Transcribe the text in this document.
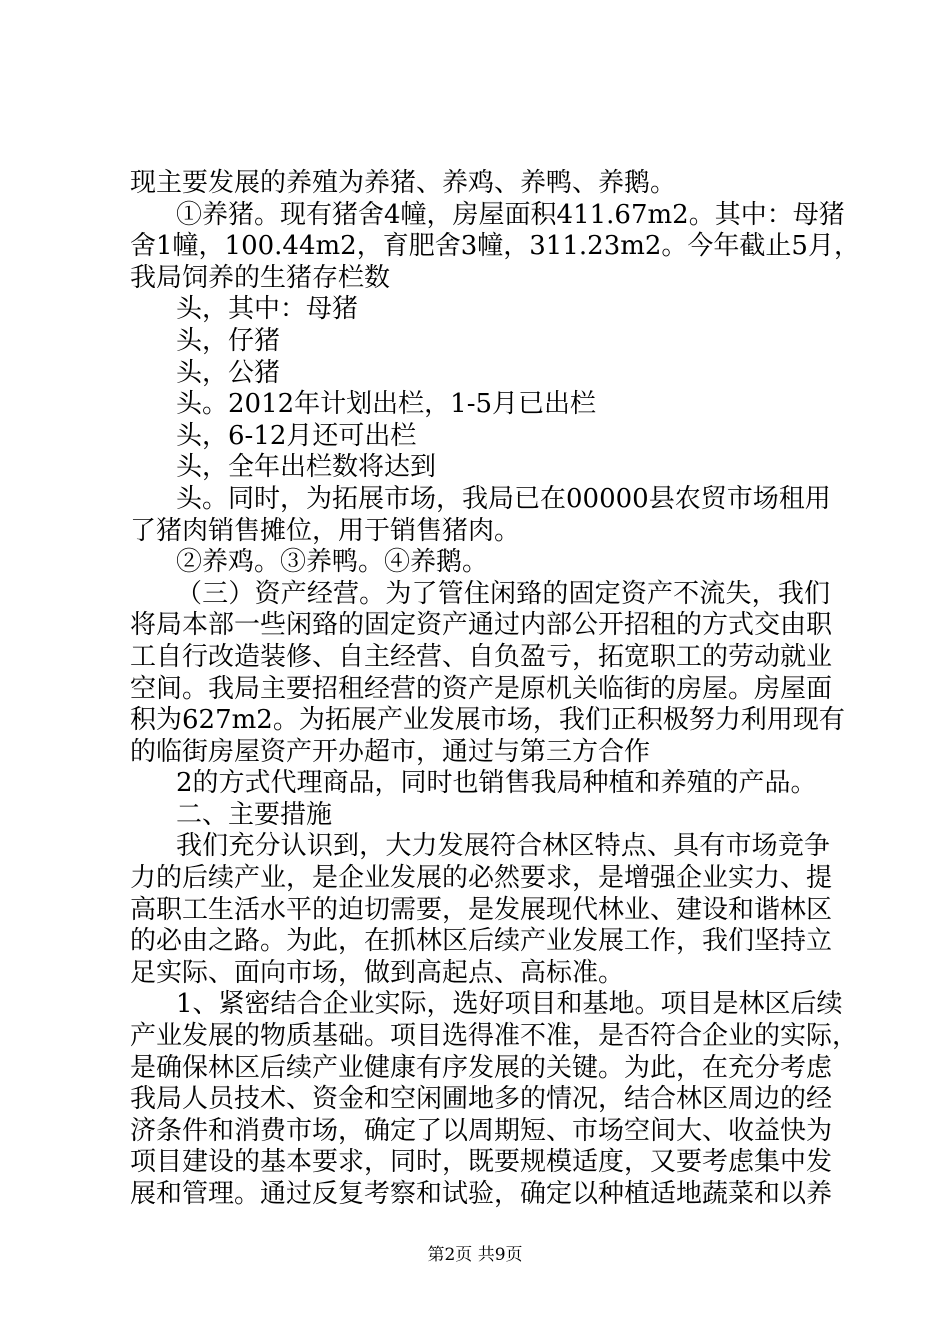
现主要发展的养殖为养猪、养鸡、养鸭、养鹅。
①养猪。现有猪舍4幢，房屋面积411.67m2。其中：母猪
舍1幢，100.44m2，育肥舍3幢，311.23m2。今年截止5月，
我局饲养的生猪存栏数
头，其中：母猪
头，仔猪
头，公猪
头。2012年计划出栏，1-5月已出栏
头，6-12月还可出栏
头，全年出栏数将达到
头。同时，为拓展市场，我局已在00000县农贸市场租用
了猪肉销售摊位，用于销售猪肉。
②养鸡。③养鸭。④养鹅。
（三）资产经营。为了管住闲臵的固定资产不流失，我们
将局本部一些闲臵的固定资产通过内部公开招租的方式交由职
工自行改造装修、自主经营、自负盈亏，拓宽职工的劳动就业
空间。我局主要招租经营的资产是原机关临街的房屋。房屋面
积为627m2。为拓展产业发展市场，我们正积极努力利用现有
的临街房屋资产开办超市，通过与第三方合作
2的方式代理商品，同时也销售我局种植和养殖的产品。
二、主要措施
我们充分认识到，大力发展符合林区特点、具有市场竞争
力的后续产业，是企业发展的必然要求，是增强企业实力、提
高职工生活水平的迫切需要，是发展现代林业、建设和谐林区
的必由之路。为此，在抓林区后续产业发展工作，我们坚持立
足实际、面向市场，做到高起点、高标准。
1、紧密结合企业实际，选好项目和基地。项目是林区后续
产业发展的物质基础。项目选得准不准，是否符合企业的实际，
是确保林区后续产业健康有序发展的关键。为此，在充分考虑
我局人员技术、资金和空闲圃地多的情况，结合林区周边的经
济条件和消费市场，确定了以周期短、市场空间大、收益快为
项目建设的基本要求，同时，既要规模适度，又要考虑集中发
展和管理。通过反复考察和试验，确定以种植适地蔬菜和以养
第2页 共9页
